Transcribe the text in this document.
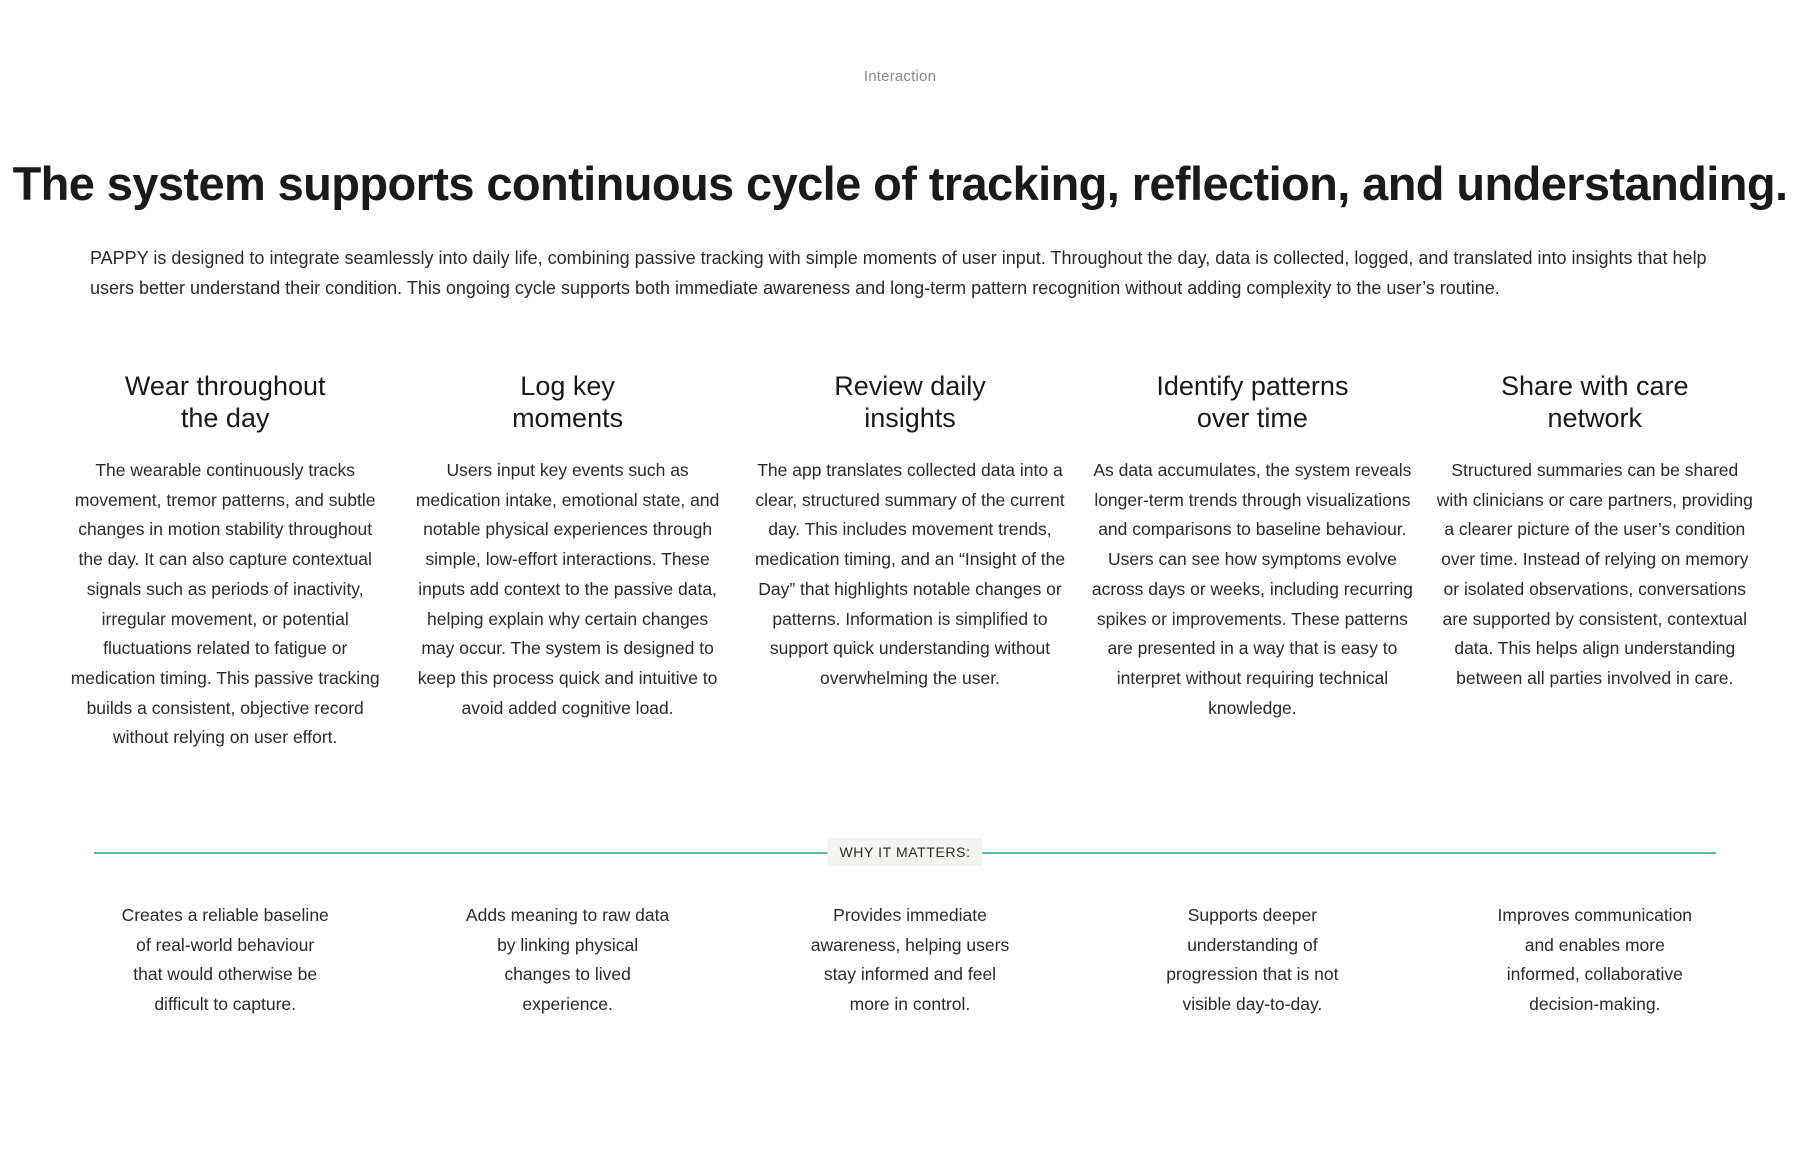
Interaction
The system supports continuous cycle of tracking, reflection, and understanding.

PAPPY is designed to integrate seamlessly into daily life, combining passive tracking with simple moments of user input. Throughout the day, data is collected, logged, and translated into insights that help users better understand their condition. This ongoing cycle supports both immediate awareness and long-term pattern recognition without adding complexity to the user’s routine.

Wear throughout the day

The wearable continuously tracks movement, tremor patterns, and subtle changes in motion stability throughout the day. It can also capture contextual signals such as periods of inactivity, irregular movement, or potential fluctuations related to fatigue or medication timing. This passive tracking builds a consistent, objective record without relying on user effort.

Log key moments

Users input key events such as medication intake, emotional state, and notable physical experiences through simple, low-effort interactions. These inputs add context to the passive data, helping explain why certain changes may occur. The system is designed to keep this process quick and intuitive to avoid added cognitive load.

Review daily insights

The app translates collected data into a clear, structured summary of the current day. This includes movement trends, medication timing, and an “Insight of the Day” that highlights notable changes or patterns. Information is simplified to support quick understanding without overwhelming the user.

Identify patterns over time

As data accumulates, the system reveals longer-term trends through visualizations and comparisons to baseline behaviour. Users can see how symptoms evolve across days or weeks, including recurring spikes or improvements. These patterns are presented in a way that is easy to interpret without requiring technical knowledge.

Share with care network

Structured summaries can be shared with clinicians or care partners, providing a clearer picture of the user’s condition over time. Instead of relying on memory or isolated observations, conversations are supported by consistent, contextual data. This helps align understanding between all parties involved in care.

WHY IT MATTERS:

Creates a reliable baseline of real-world behaviour that would otherwise be difficult to capture.

Adds meaning to raw data by linking physical changes to lived experience.

Provides immediate awareness, helping users stay informed and feel more in control.

Supports deeper understanding of progression that is not visible day-to-day.

Improves communication and enables more informed, collaborative decision-making.
